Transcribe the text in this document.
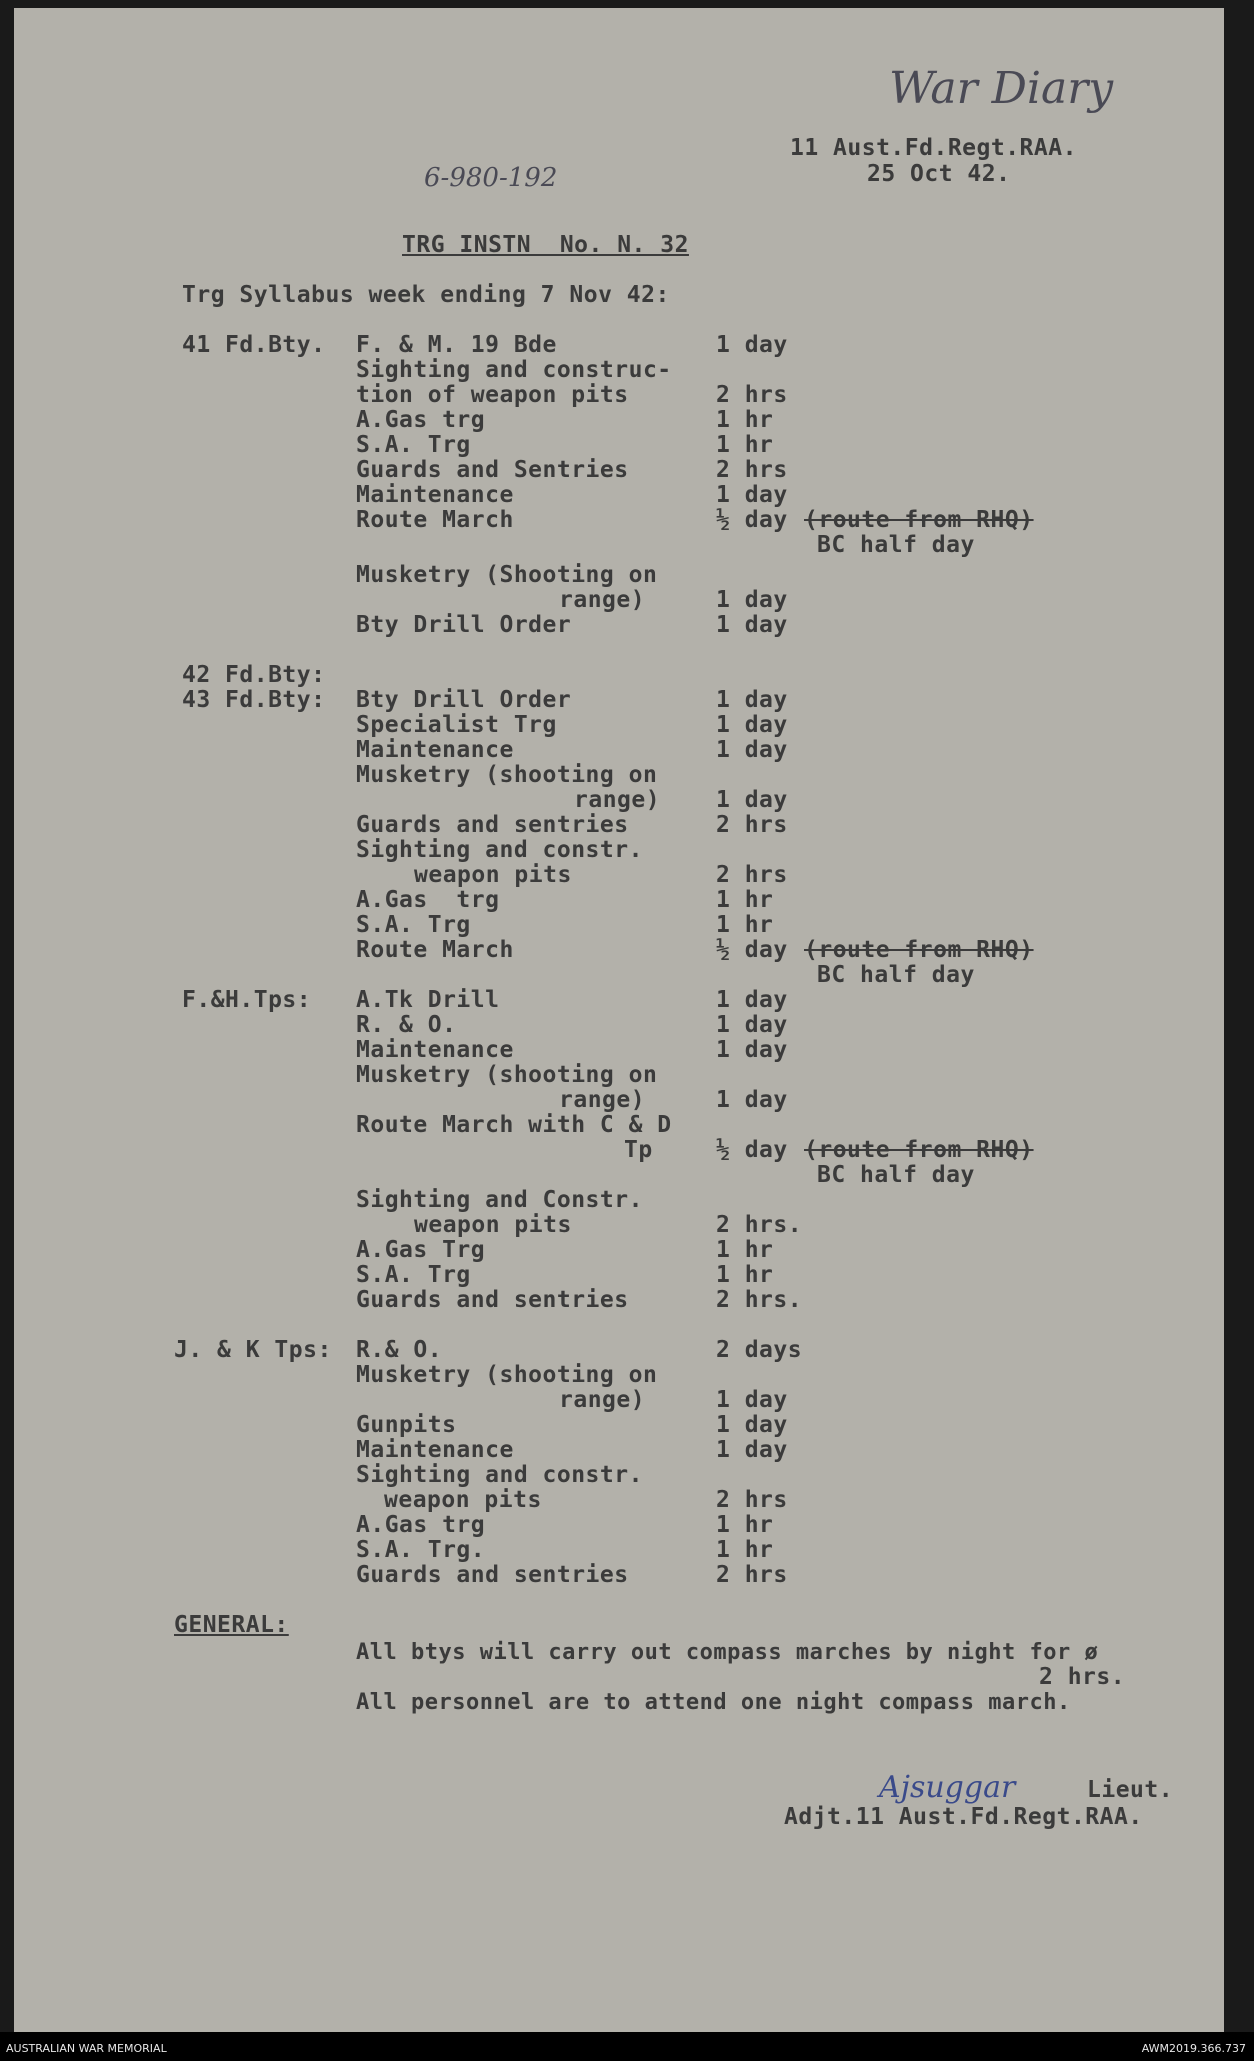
War Diary
6-980-192
11 Aust.Fd.Regt.RAA.
25 Oct 42.
TRG INSTN  No. N. 32
Trg Syllabus week ending 7 Nov 42:
41 Fd.Bty. F. & M. 19 Bde	1 day
Sighting and construc-
tion of weapon pits	2 hrs
A.Gas trg	1 hr
S.A. Trg	1 hr
Guards and Sentries	2 hrs
Maintenance	1 day
Route March	½ day (route from RHQ)
BC half day
Musketry (Shooting on
range)	1 day
Bty Drill Order	1 day
42 Fd.Bty:
43 Fd.Bty: Bty Drill Order	1 day
Specialist Trg	1 day
Maintenance	1 day
Musketry (shooting on
range) 1 day
Guards and sentries	2 hrs
Sighting and constr.
weapon pits	2 hrs
A.Gas  trg	1 hr
S.A. Trg	1 hr
Route March	½ day (route from RHQ)
BC half day
F.&H.Tps: A.Tk Drill	1 day
R. & O.	1 day
Maintenance	1 day
Musketry (shooting on
range)	1 day
Route March with C & D
Tp	½ day (route from RHQ)
BC half day
Sighting and Constr.
weapon pits	2 hrs.
A.Gas Trg	1 hr
S.A. Trg	1 hr
Guards and sentries	2 hrs.
J. & K Tps: R.& O.	2 days
Musketry (shooting on
range)	1 day
Gunpits	1 day
Maintenance	1 day
Sighting and constr.
weapon pits	2 hrs
A.Gas trg	1 hr
S.A. Trg.	1 hr
Guards and sentries	2 hrs
GENERAL:
All btys will carry out compass marches by night for ø
2 hrs.
All personnel are to attend one night compass march.
Ajsuggar	Lieut.
Adjt.11 Aust.Fd.Regt.RAA.
AUSTRALIAN WAR MEMORIAL	AWM2019.366.737
